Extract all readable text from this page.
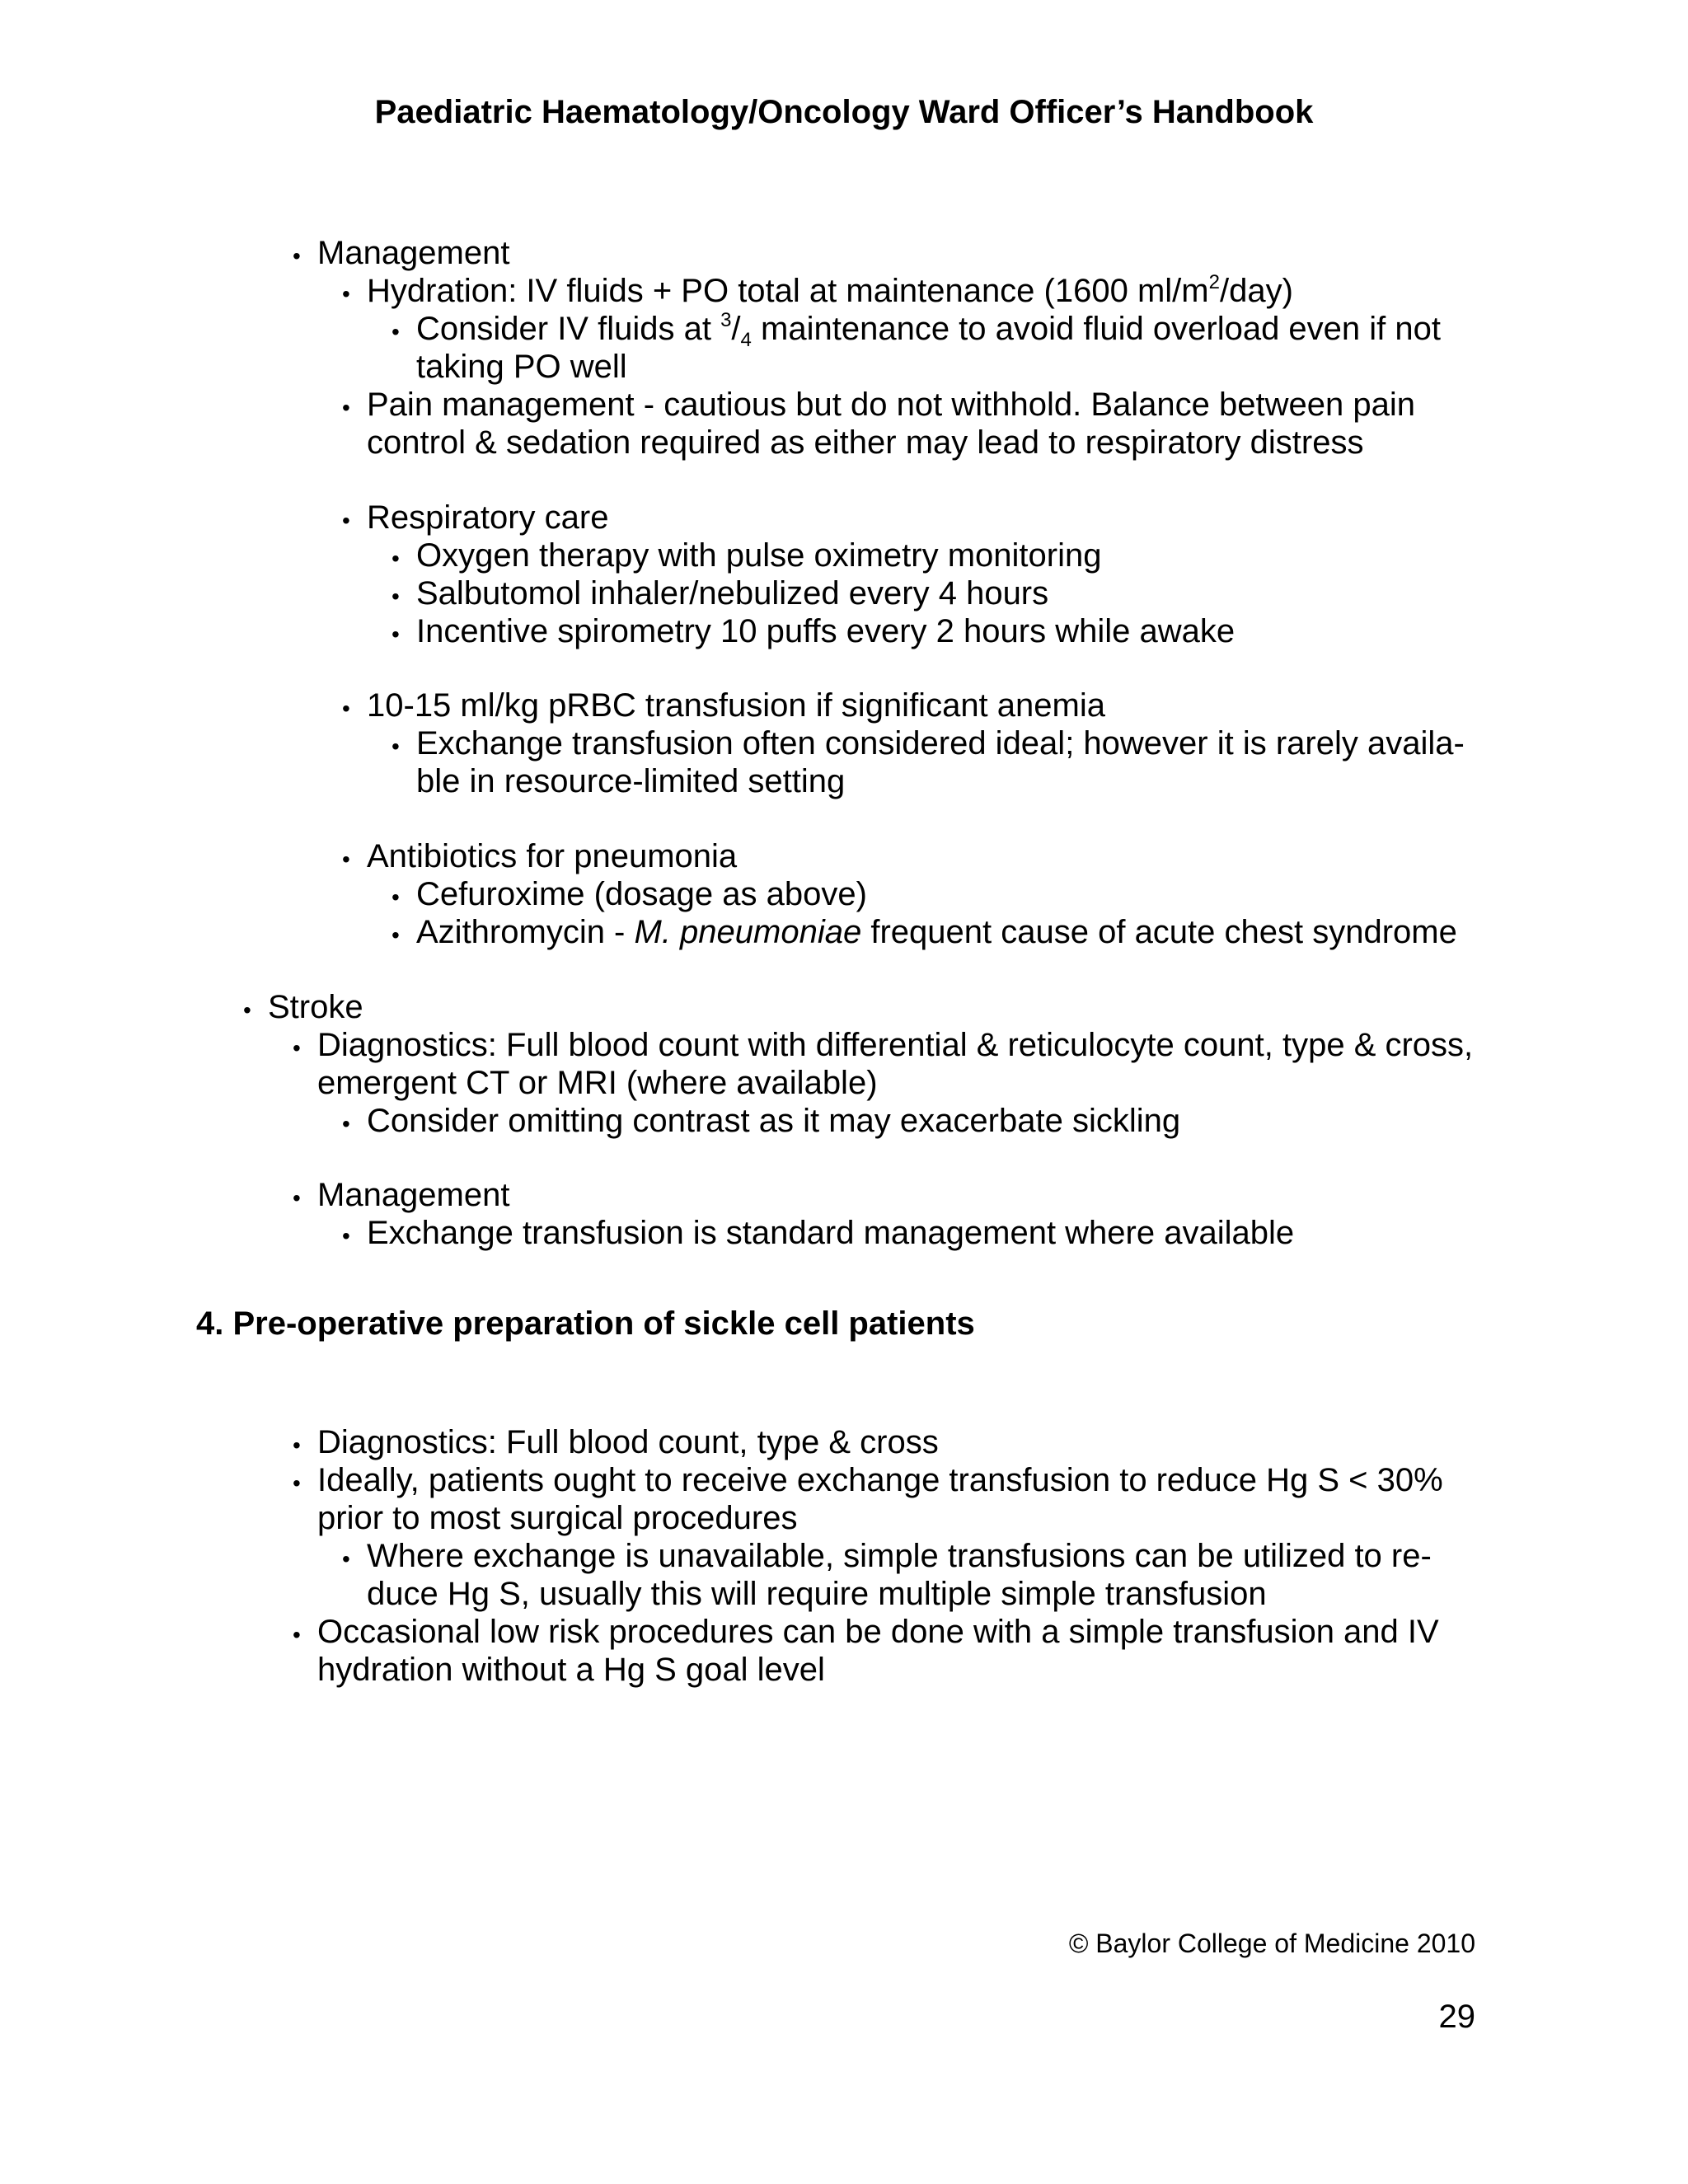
Paediatric Haematology/Oncology Ward Officer’s Handbook
• Management
• Hydration: IV fluids + PO total at maintenance (1600 $ml/m^2/day$)
• Consider IV fluids at $^3/_4$ maintenance to avoid fluid overload even if not
taking PO well
• Pain management - cautious but do not withhold. Balance between pain
control & sedation required as either may lead to respiratory distress
• Respiratory care
• Oxygen therapy with pulse oximetry monitoring
• Salbutomol inhaler/nebulized every 4 hours
• Incentive spirometry 10 puffs every 2 hours while awake
• 10-15 ml/kg pRBC transfusion if significant anemia
• Exchange transfusion often considered ideal; however it is rarely availa-
ble in resource-limited setting
• Antibiotics for pneumonia
• Cefuroxime (dosage as above)
• Azithromycin - M. pneumoniae frequent cause of acute chest syndrome
• Stroke
• Diagnostics: Full blood count with differential & reticulocyte count, type & cross,
emergent CT or MRI (where available)
• Consider omitting contrast as it may exacerbate sickling
• Management
• Exchange transfusion is standard management where available
4. Pre-operative preparation of sickle cell patients
• Diagnostics: Full blood count, type & cross
• Ideally, patients ought to receive exchange transfusion to reduce Hg S < 30%
prior to most surgical procedures
• Where exchange is unavailable, simple transfusions can be utilized to re-
duce Hg S, usually this will require multiple simple transfusion
• Occasional low risk procedures can be done with a simple transfusion and IV
hydration without a Hg S goal level
© Baylor College of Medicine 2010
29
